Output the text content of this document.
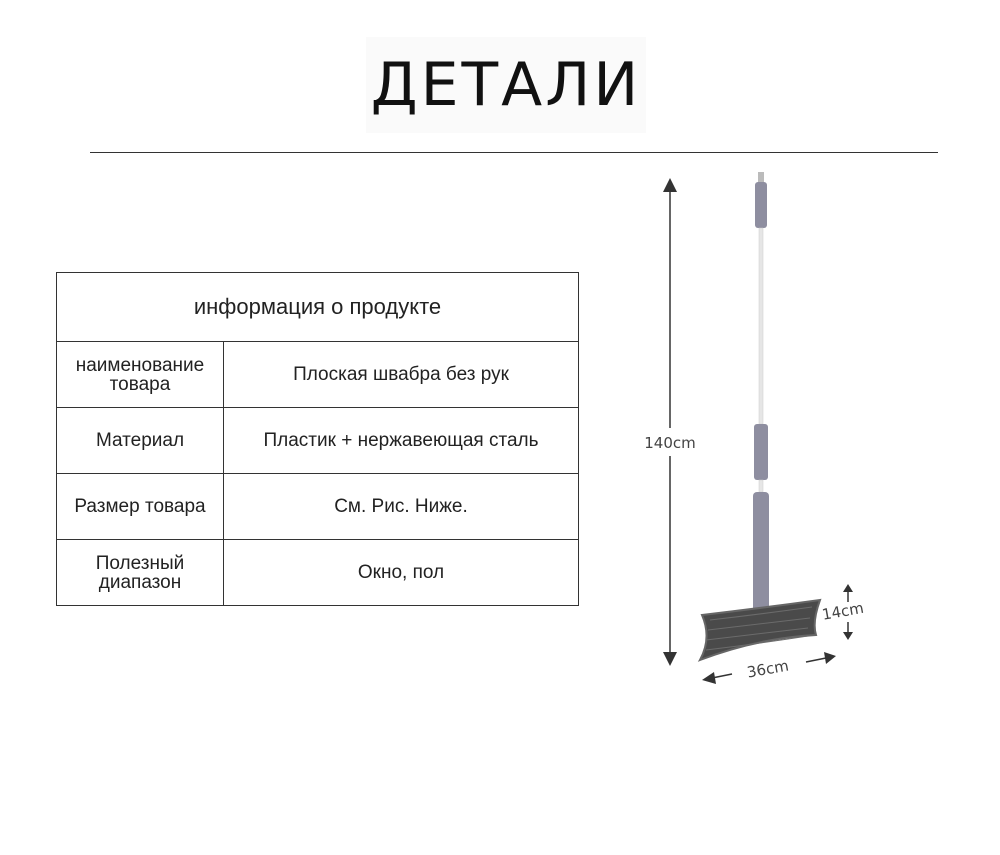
ДЕТАЛИ
информация о продукте	
наименование товара	Плоская швабра без рук
Материал	Пластик + нержавеющая сталь
Размер товара	См. Рис. Ниже.
Полезный диапазон	Окно, пол
140cm
14cm
36cm
